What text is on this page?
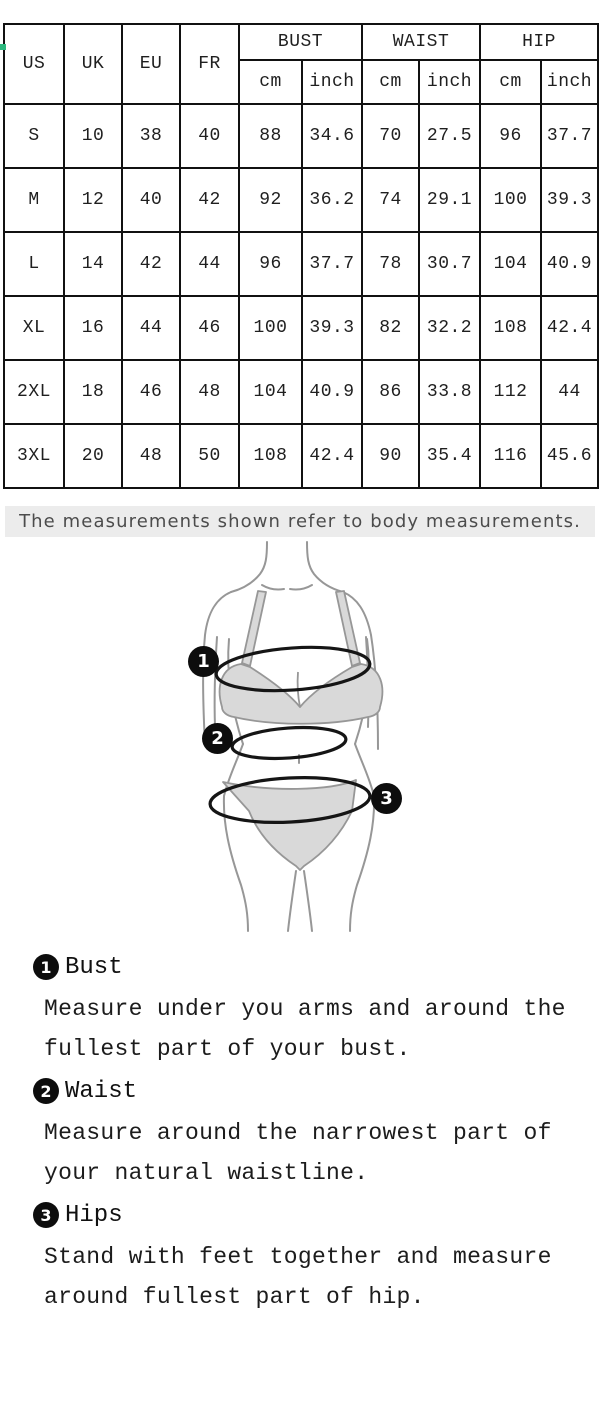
US	UK	EU	FR	BUST		WAIST		HIP	
				cm	inch	cm	inch	cm	inch
S	10	38	40	88	34.6	70	27.5	96	37.7
M	12	40	42	92	36.2	74	29.1	100	39.3
L	14	42	44	96	37.7	78	30.7	104	40.9
XL	16	44	46	100	39.3	82	32.2	108	42.4
2XL	18	46	48	104	40.9	86	33.8	112	44
3XL	20	48	50	108	42.4	90	35.4	116	45.6
The measurements shown refer to body measurements.
1
2
3
1 Bust
Measure under you arms and around the
fullest part of your bust.
2 Waist
Measure around the narrowest part of
your natural waistline.
3 Hips
Stand with feet together and measure
around fullest part of hip.
